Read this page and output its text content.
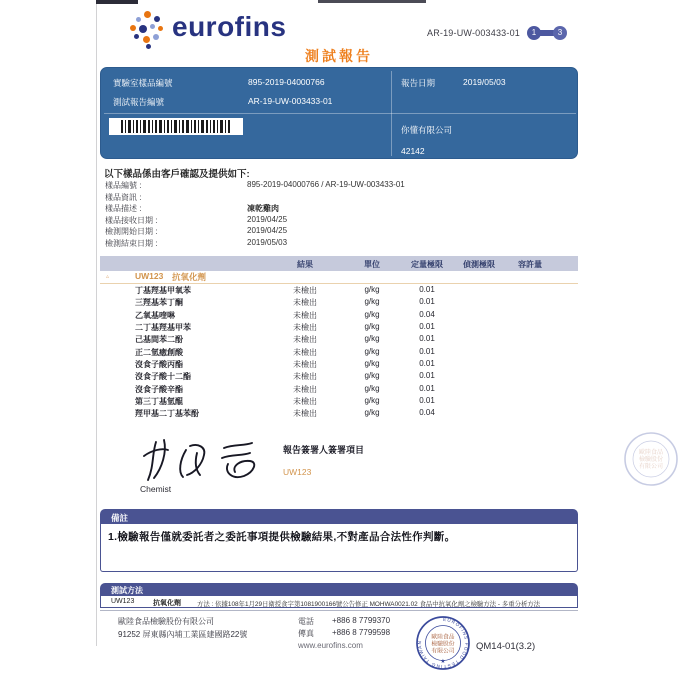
eurofins	AR-19-UW-003433-01	1	3
測試報告
實驗室樣品編號	895-2019-04000766	報告日期	2019/05/03
測試報告編號	AR-19-UW-003433-01
你懂有限公司
42142
以下樣品係由客戶確認及提供如下:
樣品編號 :	895-2019-04000766 / AR-19-UW-003433-01
樣品資訊 :
樣品描述 :	凍乾雞肉
樣品接收日期 :	2019/04/25
檢測開始日期 :	2019/04/25
檢測結束日期 :	2019/05/03
結果	單位	定量極限	偵測極限	容許量
▵	UW123 抗氧化劑
丁基羥基甲氧苯	未檢出	g/kg	0.01
三羥基苯丁酮	未檢出	g/kg	0.01
乙氧基喹啉	未檢出	g/kg	0.04
二丁基羥基甲苯	未檢出	g/kg	0.01
己基間苯二酚	未檢出	g/kg	0.01
正二氫癒創酸	未檢出	g/kg	0.01
沒食子酸丙酯	未檢出	g/kg	0.01
沒食子酸十二酯	未檢出	g/kg	0.01
沒食子酸辛酯	未檢出	g/kg	0.01
第三丁基氫醌	未檢出	g/kg	0.01
羥甲基二丁基苯酚	未檢出	g/kg	0.04
Chemist
報告簽署人簽署項目
UW123
歐陸食品
檢驗股份
有限公司
備註
1.檢驗報告僅就委託者之委託事項提供檢驗結果,不對產品合法性作判斷。
測試方法
UW123	抗氧化劑	方法 : 依據108年1月29日衛授食字第1081900166號公告修正 MOHWA0021.02 食品中抗氧化劑之檢驗方法 - 多重分析方法
歐陸食品檢驗股份有限公司
91252 屏東縣內埔工業區建國路22號
電話 +886 8 7799370
傳真 +886 8 7799598
www.eurofins.com
EUROFINS FOOD TESTING TAIWAN
歐陸食品
檢驗股份
有限公司
★
QM14-01(3.2)
